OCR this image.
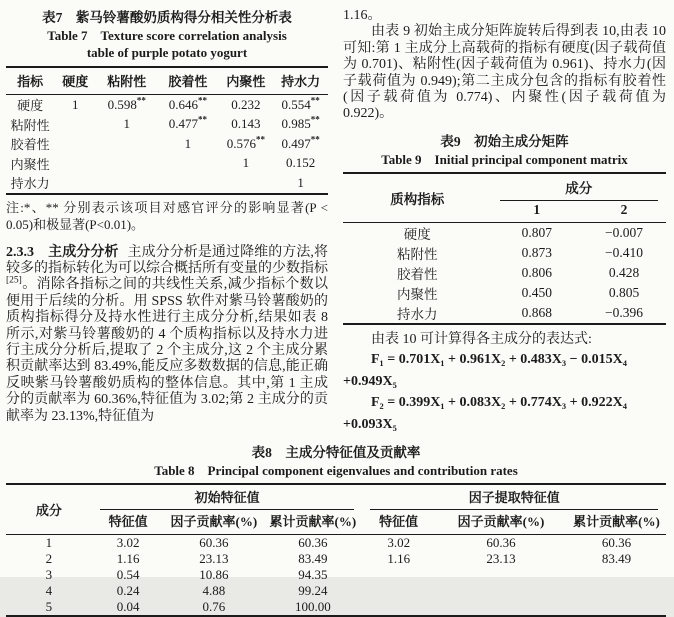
表7　紫马铃薯酸奶质构得分相关性分析表
Table 7　Texture score correlation analysis
table of purple potato yogurt
指标	硬度	粘附性	胶着性	内聚性	持水力
硬度	1	0.598**	0.646**	0.232	0.554**
粘附性		1	0.477**	0.143	0.985**
胶着性			1	0.576**	0.497**
内聚性				1	0.152
持水力					1
注:*、** 分别表示该项目对感官评分的影响显著(P < 0.05)和极显著(P<0.01)。

2.3.3　主成分分析 主成分分析是通过降维的方法,将较多的指标转化为可以综合概括所有变量的少数指标[25]。消除各指标之间的共线性关系,减少指标个数以便用于后续的分析。用 SPSS 软件对紫马铃薯酸奶的质构指标得分及持水性进行主成分分析,结果如表 8 所示,对紫马铃薯酸奶的 4 个质构指标以及持水力进行主成分分析后,提取了 2 个主成分,这 2 个主成分累积贡献率达到 83.49%,能反应多数数据的信息,能正确反映紫马铃薯酸奶质构的整体信息。其中,第 1 主成分的贡献率为 60.36%,特征值为 3.02;第 2 主成分的贡献率为 23.13%,特征值为

1.16。

由表 9 初始主成分矩阵旋转后得到表 10,由表 10 可知:第 1 主成分上高载荷的指标有硬度(因子载荷值为 0.701)、粘附性(因子载荷值为 0.961)、持水力(因子载荷值为 0.949);第二主成分包含的指标有胶着性(因子载荷值为 0.774)、内聚性(因子载荷值为 0.922)。

表9　初始主成分矩阵
Table 9　Initial principal component matrix
质构指标	成分	

	1	2
硬度	0.807	−0.007
粘附性	0.873	−0.410
胶着性	0.806	0.428
内聚性	0.450	0.805
持水力	0.868	−0.396

由表 10 可计算得各主成分的表达式:

F₁ = 0.701X₁ + 0.961X₂ + 0.483X₃ − 0.015X₄

+0.949X₅

F₂ = 0.399X₁ + 0.083X₂ + 0.774X₃ + 0.922X₄

+0.093X₅

表8　主成分特征值及贡献率
Table 8　Principal component eigenvalues and contribution rates
成分	初始特征值			因子提取特征值		

	特征值	因子贡献率(%)	累计贡献率(%)	特征值	因子贡献率(%)	累计贡献率(%)
1	3.02	60.36	60.36	3.02	60.36	60.36
2	1.16	23.13	83.49	1.16	23.13	83.49
3	0.54	10.86	94.35			
4	0.24	4.88	99.24			
5	0.04	0.76	100.00			
